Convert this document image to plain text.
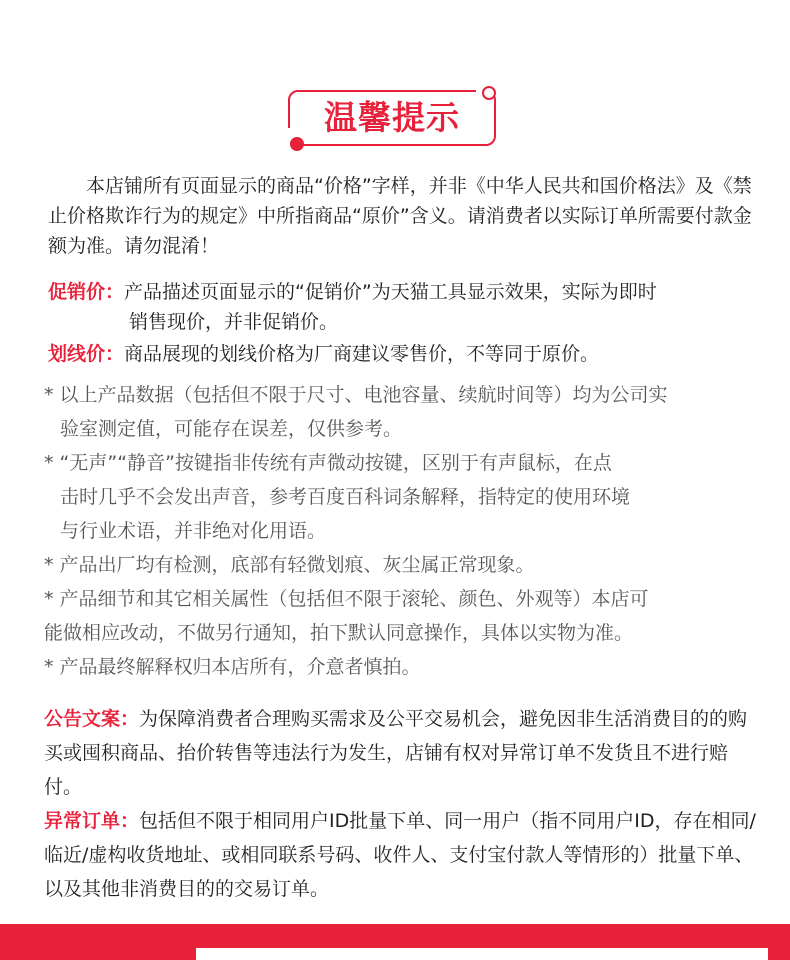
温馨提示
本店铺所有页面显示的商品“价格”字样，并非《中华人民共和国价格法》及《禁止价格欺诈行为的规定》中所指商品“原价”含义。请消费者以实际订单所需要付款金额为准。请勿混淆！
促销价：产品描述页面显示的“促销价”为天猫工具显示效果，实际为即时
销售现价，并非促销价。
划线价：商品展现的划线价格为厂商建议零售价，不等同于原价。
* 以上产品数据（包括但不限于尺寸、电池容量、续航时间等）均为公司实
验室测定值，可能存在误差，仅供参考。
* “无声”“静音”按键指非传统有声微动按键，区别于有声鼠标，在点
击时几乎不会发出声音，参考百度百科词条解释，指特定的使用环境
与行业术语，并非绝对化用语。
* 产品出厂均有检测，底部有轻微划痕、灰尘属正常现象。
* 产品细节和其它相关属性（包括但不限于滚轮、颜色、外观等）本店可
能做相应改动，不做另行通知，拍下默认同意操作，具体以实物为准。
* 产品最终解释权归本店所有，介意者慎拍。
公告文案：为保障消费者合理购买需求及公平交易机会，避免因非生活消费目的的购买或囤积商品、抬价转售等违法行为发生，店铺有权对异常订单不发货且不进行赔付。
异常订单：包括但不限于相同用户ID批量下单、同一用户（指不同用户ID，存在相同/临近/虚构收货地址、或相同联系号码、收件人、支付宝付款人等情形的）批量下单、以及其他非消费目的的交易订单。
